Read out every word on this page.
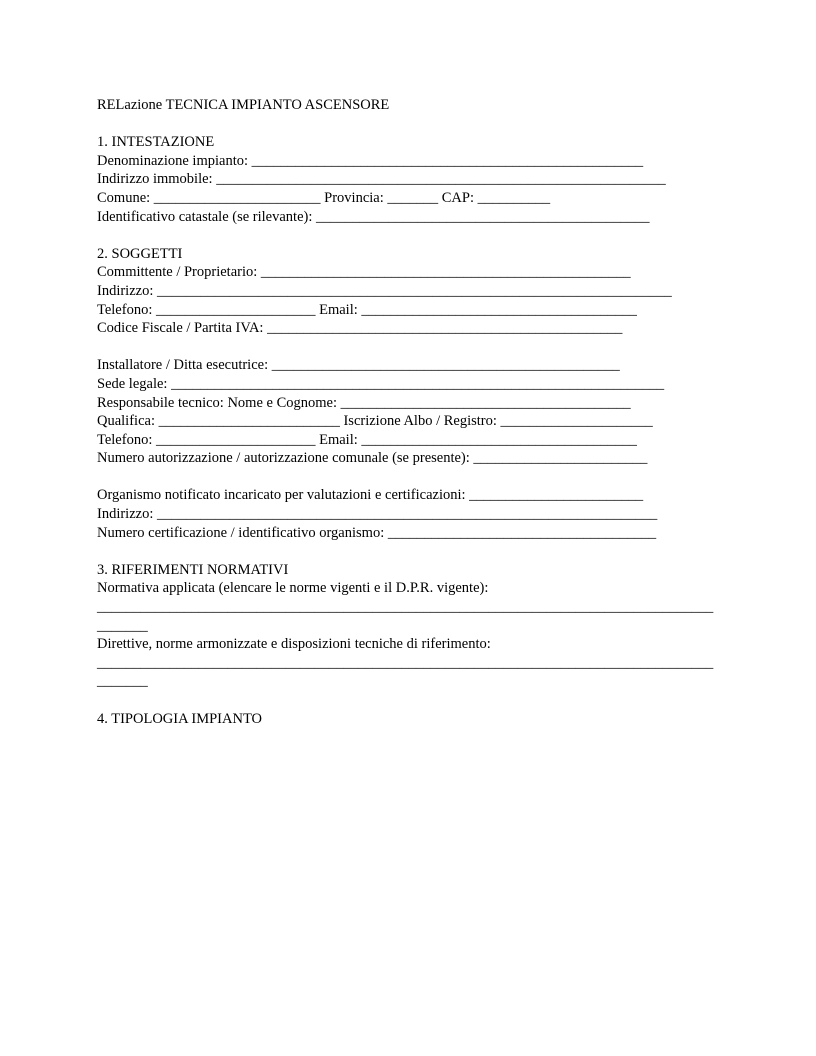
RELazione TECNICA IMPIANTO ASCENSORE
1. INTESTAZIONE
Denominazione impianto: ______________________________________________________
Indirizzo immobile: ______________________________________________________________
Comune: _______________________ Provincia: _______ CAP: __________
Identificativo catastale (se rilevante): ______________________________________________
2. SOGGETTI
Committente / Proprietario: ___________________________________________________
Indirizzo: _______________________________________________________________________
Telefono: ______________________ Email: ______________________________________
Codice Fiscale / Partita IVA: _________________________________________________
Installatore / Ditta esecutrice: ________________________________________________
Sede legale: ____________________________________________________________________
Responsabile tecnico: Nome e Cognome: ________________________________________
Qualifica: _________________________ Iscrizione Albo / Registro: _____________________
Telefono: ______________________ Email: ______________________________________
Numero autorizzazione / autorizzazione comunale (se presente): ________________________
Organismo notificato incaricato per valutazioni e certificazioni: ________________________
Indirizzo: _____________________________________________________________________
Numero certificazione / identificativo organismo: _____________________________________
3. RIFERIMENTI NORMATIVI
Normativa applicata (elencare le norme vigenti e il D.P.R. vigente): ____________________________________________________________________________________________
Direttive, norme armonizzate e disposizioni tecniche di riferimento: ____________________________________________________________________________________________
4. TIPOLOGIA IMPIANTO
